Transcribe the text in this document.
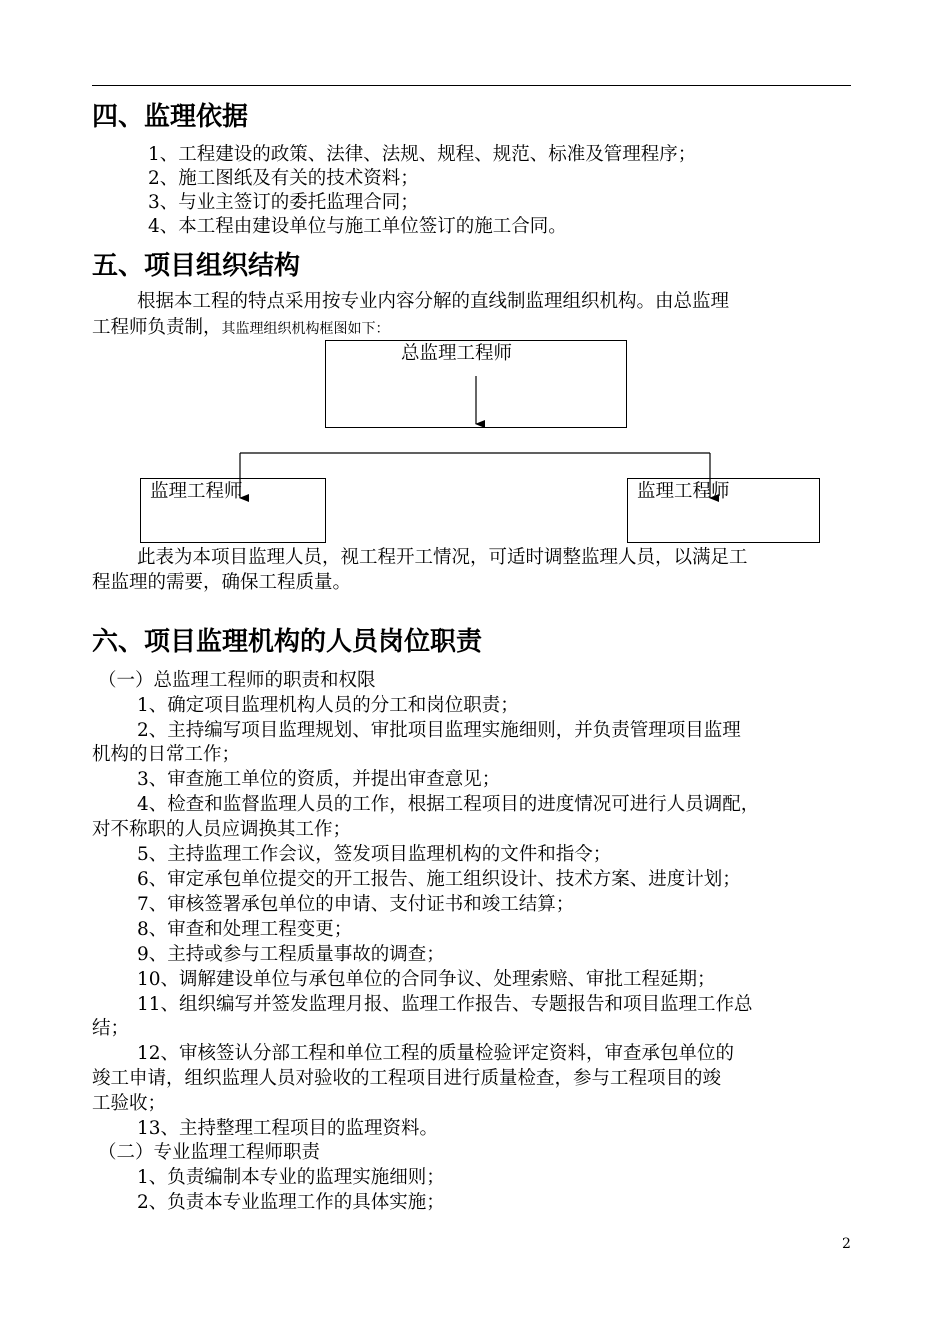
四、监理依据
1、工程建设的政策、法律、法规、规程、规范、标准及管理程序；
2、施工图纸及有关的技术资料；
3、与业主签订的委托监理合同；
4、本工程由建设单位与施工单位签订的施工合同。
五、项目组织结构
根据本工程的特点采用按专业内容分解的直线制监理组织机构。由总监理
工程师负责制，其监理组织机构框图如下：
总监理工程师
监理工程师	监理工程师
此表为本项目监理人员，视工程开工情况，可适时调整监理人员，以满足工
程监理的需要，确保工程质量。
六、项目监理机构的人员岗位职责
（一）总监理工程师的职责和权限
1、确定项目监理机构人员的分工和岗位职责；
2、主持编写项目监理规划、审批项目监理实施细则，并负责管理项目监理
机构的日常工作；
3、审查施工单位的资质，并提出审查意见；
4、检查和监督监理人员的工作，根据工程项目的进度情况可进行人员调配，
对不称职的人员应调换其工作；
5、主持监理工作会议，签发项目监理机构的文件和指令；
6、审定承包单位提交的开工报告、施工组织设计、技术方案、进度计划；
7、审核签署承包单位的申请、支付证书和竣工结算；
8、审查和处理工程变更；
9、主持或参与工程质量事故的调查；
10、调解建设单位与承包单位的合同争议、处理索赔、审批工程延期；
11、组织编写并签发监理月报、监理工作报告、专题报告和项目监理工作总
结；
12、审核签认分部工程和单位工程的质量检验评定资料，审查承包单位的
竣工申请，组织监理人员对验收的工程项目进行质量检查，参与工程项目的竣
工验收；
13、主持整理工程项目的监理资料。
（二）专业监理工程师职责
1、负责编制本专业的监理实施细则；
2、负责本专业监理工作的具体实施；
2
